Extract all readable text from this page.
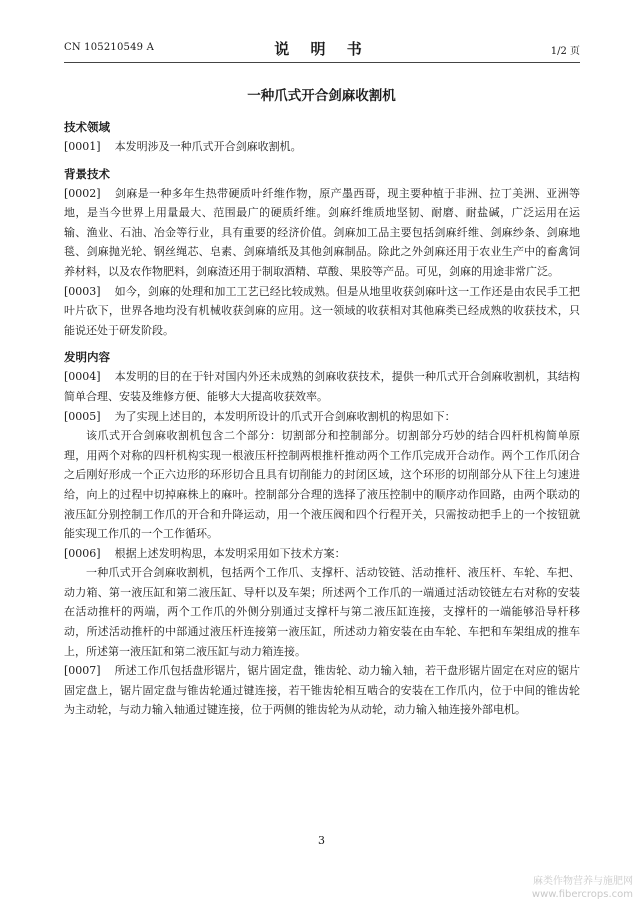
CN 105210549 A	说 明 书	1/2 页
一种爪式开合剑麻收割机

技术领域

[0001] 本发明涉及一种爪式开合剑麻收割机。

背景技术

[0002] 剑麻是一种多年生热带硬质叶纤维作物，原产墨西哥，现主要种植于非洲、拉丁美洲、亚洲等地，是当今世界上用量最大、范围最广的硬质纤维。剑麻纤维质地坚韧、耐磨、耐盐碱，广泛运用在运输、渔业、石油、冶金等行业，具有重要的经济价值。剑麻加工品主要包括剑麻纤维、剑麻纱条、剑麻地毯、剑麻抛光轮、钢丝绳芯、皂素、剑麻墙纸及其他剑麻制品。除此之外剑麻还用于农业生产中的畜禽饲养材料，以及农作物肥料，剑麻渣还用于制取酒精、草酸、果胶等产品。可见，剑麻的用途非常广泛。

[0003] 如今，剑麻的处理和加工工艺已经比较成熟。但是从地里收获剑麻叶这一工作还是由农民手工把叶片砍下，世界各地均没有机械收获剑麻的应用。这一领域的收获相对其他麻类已经成熟的收获技术，只能说还处于研发阶段。

发明内容

[0004] 本发明的目的在于针对国内外还未成熟的剑麻收获技术，提供一种爪式开合剑麻收割机，其结构简单合理、安装及维修方便、能够大大提高收获效率。

[0005] 为了实现上述目的，本发明所设计的爪式开合剑麻收割机的构思如下：

该爪式开合剑麻收割机包含二个部分：切割部分和控制部分。切割部分巧妙的结合四杆机构简单原理，用两个对称的四杆机构实现一根液压杆控制两根推杆推动两个工作爪完成开合动作。两个工作爪闭合之后刚好形成一个正六边形的环形切合且具有切削能力的封闭区域，这个环形的切削部分从下往上匀速进给，向上的过程中切掉麻株上的麻叶。控制部分合理的选择了液压控制中的顺序动作回路，由两个联动的液压缸分别控制工作爪的开合和升降运动，用一个液压阀和四个行程开关，只需按动把手上的一个按钮就能实现工作爪的一个工作循环。

[0006] 根据上述发明构思，本发明采用如下技术方案：

一种爪式开合剑麻收割机，包括两个工作爪、支撑杆、活动铰链、活动推杆、液压杆、车轮、车把、动力箱、第一液压缸和第二液压缸、导杆以及车架；所述两个工作爪的一端通过活动铰链左右对称的安装在活动推杆的两端，两个工作爪的外侧分别通过支撑杆与第二液压缸连接，支撑杆的一端能够沿导杆移动，所述活动推杆的中部通过液压杆连接第一液压缸，所述动力箱安装在由车轮、车把和车架组成的推车上，所述第一液压缸和第二液压缸与动力箱连接。

[0007] 所述工作爪包括盘形锯片，锯片固定盘，锥齿轮、动力输入轴，若干盘形锯片固定在对应的锯片固定盘上，锯片固定盘与锥齿轮通过键连接，若干锥齿轮相互啮合的安装在工作爪内，位于中间的锥齿轮为主动轮，与动力输入轴通过键连接，位于两侧的锥齿轮为从动轮，动力输入轴连接外部电机。

3
麻类作物营养与施肥网
www.fibercrops.com
